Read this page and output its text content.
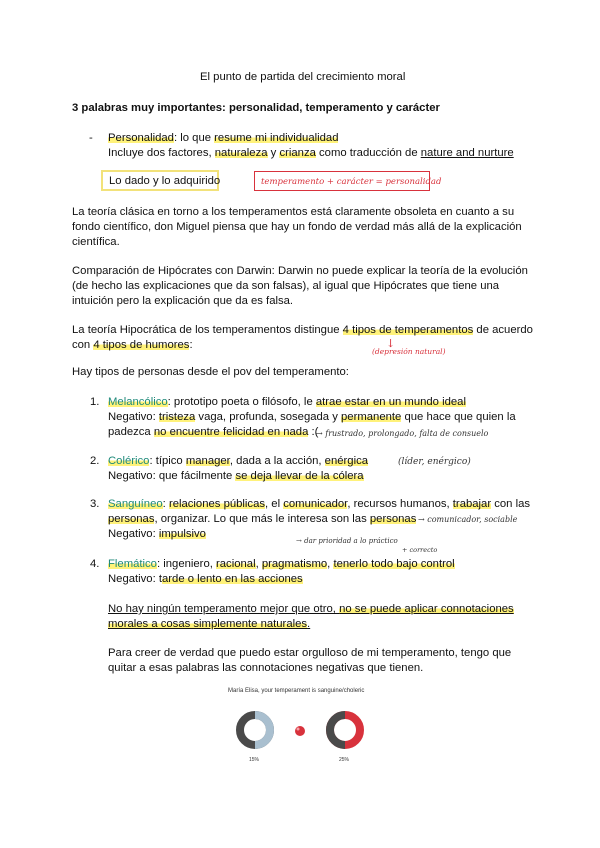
El punto de partida del crecimiento moral
3 palabras muy importantes: personalidad, temperamento y carácter
- Personalidad: lo que resume mi individualidad
Incluye dos factores, naturaleza y crianza como traducción de nature and nurture
Lo dado y lo adquirido	temperamento + carácter = personalidad
La teoría clásica en torno a los temperamentos está claramente obsoleta en cuanto a su
fondo científico, don Miguel piensa que hay un fondo de verdad más allá de la explicación
científica.
Comparación de Hipócrates con Darwin: Darwin no puede explicar la teoría de la evolución
(de hecho las explicaciones que da son falsas), al igual que Hipócrates que tiene una
intuición pero la explicación que da es falsa.
La teoría Hipocrática de los temperamentos distingue 4 tipos de temperamentos de acuerdo
con 4 tipos de humores:	↓
(depresión natural)
Hay tipos de personas desde el pov del temperamento:
1. Melancólico: prototipo poeta o filósofo, le atrae estar en un mundo ideal
Negativo: tristeza vaga, profunda, sosegada y permanente que hace que quien la
padezca no encuentre felicidad en nada :(
→ frustrado, prolongado, falta de consuelo
2. Colérico: típico manager, dada a la acción, enérgica	(líder, enérgico)
Negativo: que fácilmente se deja llevar de la cólera
3. Sanguíneo: relaciones públicas, el comunicador, recursos humanos, trabajar con las
personas, organizar. Lo que más le interesa son las personas → comunicador, sociable
Negativo: impulsivo
→ dar prioridad a lo práctico
+ correcto
4. Flemático: ingeniero, racional, pragmatismo, tenerlo todo bajo control
Negativo: tarde o lento en las acciones
No hay ningún temperamento mejor que otro, no se puede aplicar connotaciones
morales a cosas simplemente naturales.
Para creer de verdad que puedo estar orgulloso de mi temperamento, tengo que
quitar a esas palabras las connotaciones negativas que tienen.
María Elisa, your temperament is sanguine/choleric
15%	25%
